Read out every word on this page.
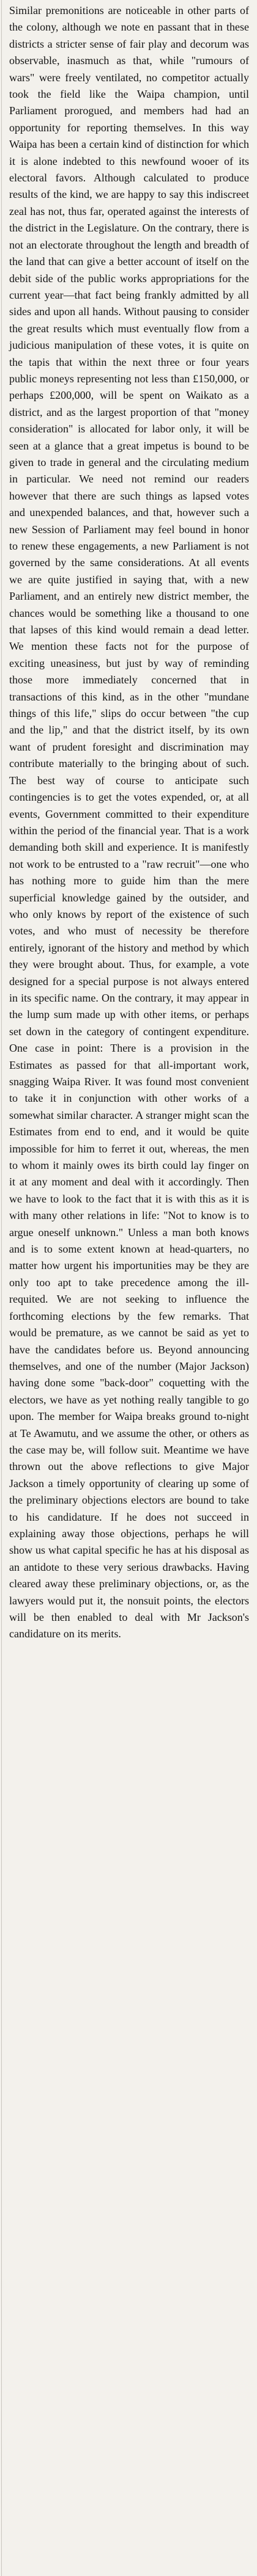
Similar premonitions are noticeable in other parts of the colony, although we note en passant that in these districts a stricter sense of fair play and decorum was observable, inasmuch as that, while "rumours of wars" were freely ventilated, no competitor actually took the field like the Waipa champion, until Parliament prorogued, and members had had an opportunity for reporting themselves. In this way Waipa has been a certain kind of distinction for which it is alone indebted to this newfound wooer of its electoral favors. Although calculated to produce results of the kind, we are happy to say this indiscreet zeal has not, thus far, operated against the interests of the district in the Legislature. On the contrary, there is not an electorate throughout the length and breadth of the land that can give a better account of itself on the debit side of the public works appropriations for the current year—that fact being frankly admitted by all sides and upon all hands. Without pausing to consider the great results which must eventually flow from a judicious manipulation of these votes, it is quite on the tapis that within the next three or four years public moneys representing not less than £150,000, or perhaps £200,000, will be spent on Waikato as a district, and as the largest proportion of that "money consideration" is allocated for labor only, it will be seen at a glance that a great impetus is bound to be given to trade in general and the circulating medium in particular. We need not remind our readers however that there are such things as lapsed votes and unexpended balances, and that, however such a new Session of Parliament may feel bound in honor to renew these engagements, a new Parliament is not governed by the same considerations. At all events we are quite justified in saying that, with a new Parliament, and an entirely new district member, the chances would be something like a thousand to one that lapses of this kind would remain a dead letter. We mention these facts not for the purpose of exciting uneasiness, but just by way of reminding those more immediately concerned that in transactions of this kind, as in the other "mundane things of this life," slips do occur between "the cup and the lip," and that the district itself, by its own want of prudent foresight and discrimination may contribute materially to the bringing about of such. The best way of course to anticipate such contingencies is to get the votes expended, or, at all events, Government committed to their expenditure within the period of the financial year. That is a work demanding both skill and experience. It is manifestly not work to be entrusted to a "raw recruit"—one who has nothing more to guide him than the mere superficial knowledge gained by the outsider, and who only knows by report of the existence of such votes, and who must of necessity be therefore entirely, ignorant of the history and method by which they were brought about. Thus, for example, a vote designed for a special purpose is not always entered in its specific name. On the contrary, it may appear in the lump sum made up with other items, or perhaps set down in the category of contingent expenditure. One case in point: There is a provision in the Estimates as passed for that all-important work, snagging Waipa River. It was found most convenient to take it in conjunction with other works of a somewhat similar character. A stranger might scan the Estimates from end to end, and it would be quite impossible for him to ferret it out, whereas, the men to whom it mainly owes its birth could lay finger on it at any moment and deal with it accordingly. Then we have to look to the fact that it is with this as it is with many other relations in life: "Not to know is to argue oneself unknown." Unless a man both knows and is to some extent known at head-quarters, no matter how urgent his importunities may be they are only too apt to take precedence among the ill-requited. We are not seeking to influence the forthcoming elections by the few remarks. That would be premature, as we cannot be said as yet to have the candidates before us. Beyond announcing themselves, and one of the number (Major Jackson) having done some "back-door" coquetting with the electors, we have as yet nothing really tangible to go upon. The member for Waipa breaks ground to-night at Te Awamutu, and we assume the other, or others as the case may be, will follow suit. Meantime we have thrown out the above reflections to give Major Jackson a timely opportunity of clearing up some of the preliminary objections electors are bound to take to his candidature. If he does not succeed in explaining away those objections, perhaps he will show us what capital specific he has at his disposal as an antidote to these very serious drawbacks. Having cleared away these preliminary objections, or, as the lawyers would put it, the nonsuit points, the electors will be then enabled to deal with Mr Jackson's candidature on its merits.
